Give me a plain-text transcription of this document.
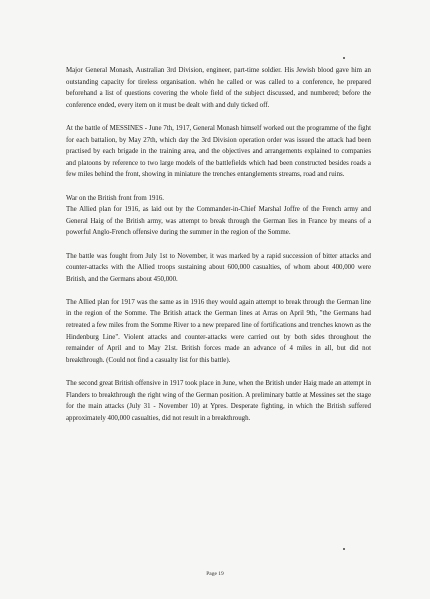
Major General Monash, Australian 3rd Division, engineer, part-time soldier. His Jewish blood gave him an outstanding capacity for tireless organisation. whén he called or was called to a conference, he prepared beforehand a list of questions covering the whole field of the subject discussed, and numbered; before the conference ended, every item on it must be dealt with and duly ticked off.

At the battle of MESSINES - June 7th, 1917, General Monash himself worked out the programme of the fight for each battalion, by May 27th, which day the 3rd Division operation order was issued the attack had been practised by each brigade in the training area, and the objectives and arrangements explained to companies and platoons by reference to two large models of the battlefields which had been constructed besides roads a few miles behind the front, showing in miniature the trenches entanglements streams, road and ruins.

War on the British front from 1916.

The Allied plan for 1916, as laid out by the Commander-in-Chief Marshal Joffre of the French army and General Haig of the British army, was attempt to break through the German lies in France by means of a powerful Anglo-French offensive during the summer in the region of the Somme.

The battle was fought from July 1st to November, it was marked by a rapid succession of bitter attacks and counter-attacks with the Allied troops sustaining about 600,000 casualties, of whom about 400,000 were British, and the Germans about 450,000.

The Allied plan for 1917 was the same as in 1916 they would again attempt to break through the German line in the region of the Somme. The British attack the German lines at Arras on April 9th, "the Germans had retreated a few miles from the Somme River to a new prepared line of fortifications and trenches known as the Hindenburg Line". Violent attacks and counter-attacks were carried out by both sides throughout the remainder of April and to May 21st. British forces made an advance of 4 miles in all, but did not breakthrough. (Could not find a casualty list for this battle).

The second great British offensive in 1917 took place in June, when the British under Haig made an attempt in Flanders to breakthrough the right wing of the German position. A preliminary battle at Messines set the stage for the main attacks (July 31 - November 10) at Ypres. Desperate fighting, in which the British suffered approximately 400,000 casualties, did not result in a breakthrough.

Page 19
